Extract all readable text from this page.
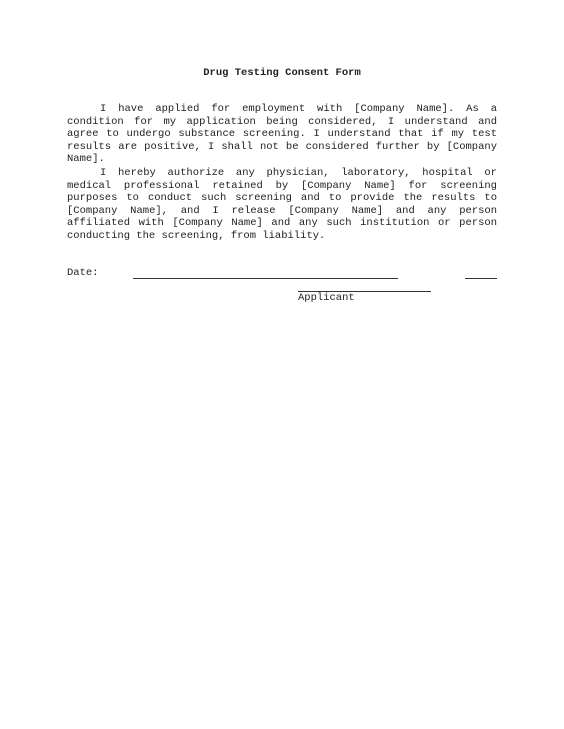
Drug Testing Consent Form

I have applied for employment with [Company Name]. As a condition for my application being considered, I understand and agree to undergo substance screening. I understand that if my test results are positive, I shall not be considered further by [Company Name].

I hereby authorize any physician, laboratory, hospital or medical professional retained by [Company Name] for screening purposes to conduct such screening and to provide the results to [Company Name], and I release [Company Name] and any person affiliated with [Company Name] and any such institution or person conducting the screening, from liability.

Date:
Applicant
